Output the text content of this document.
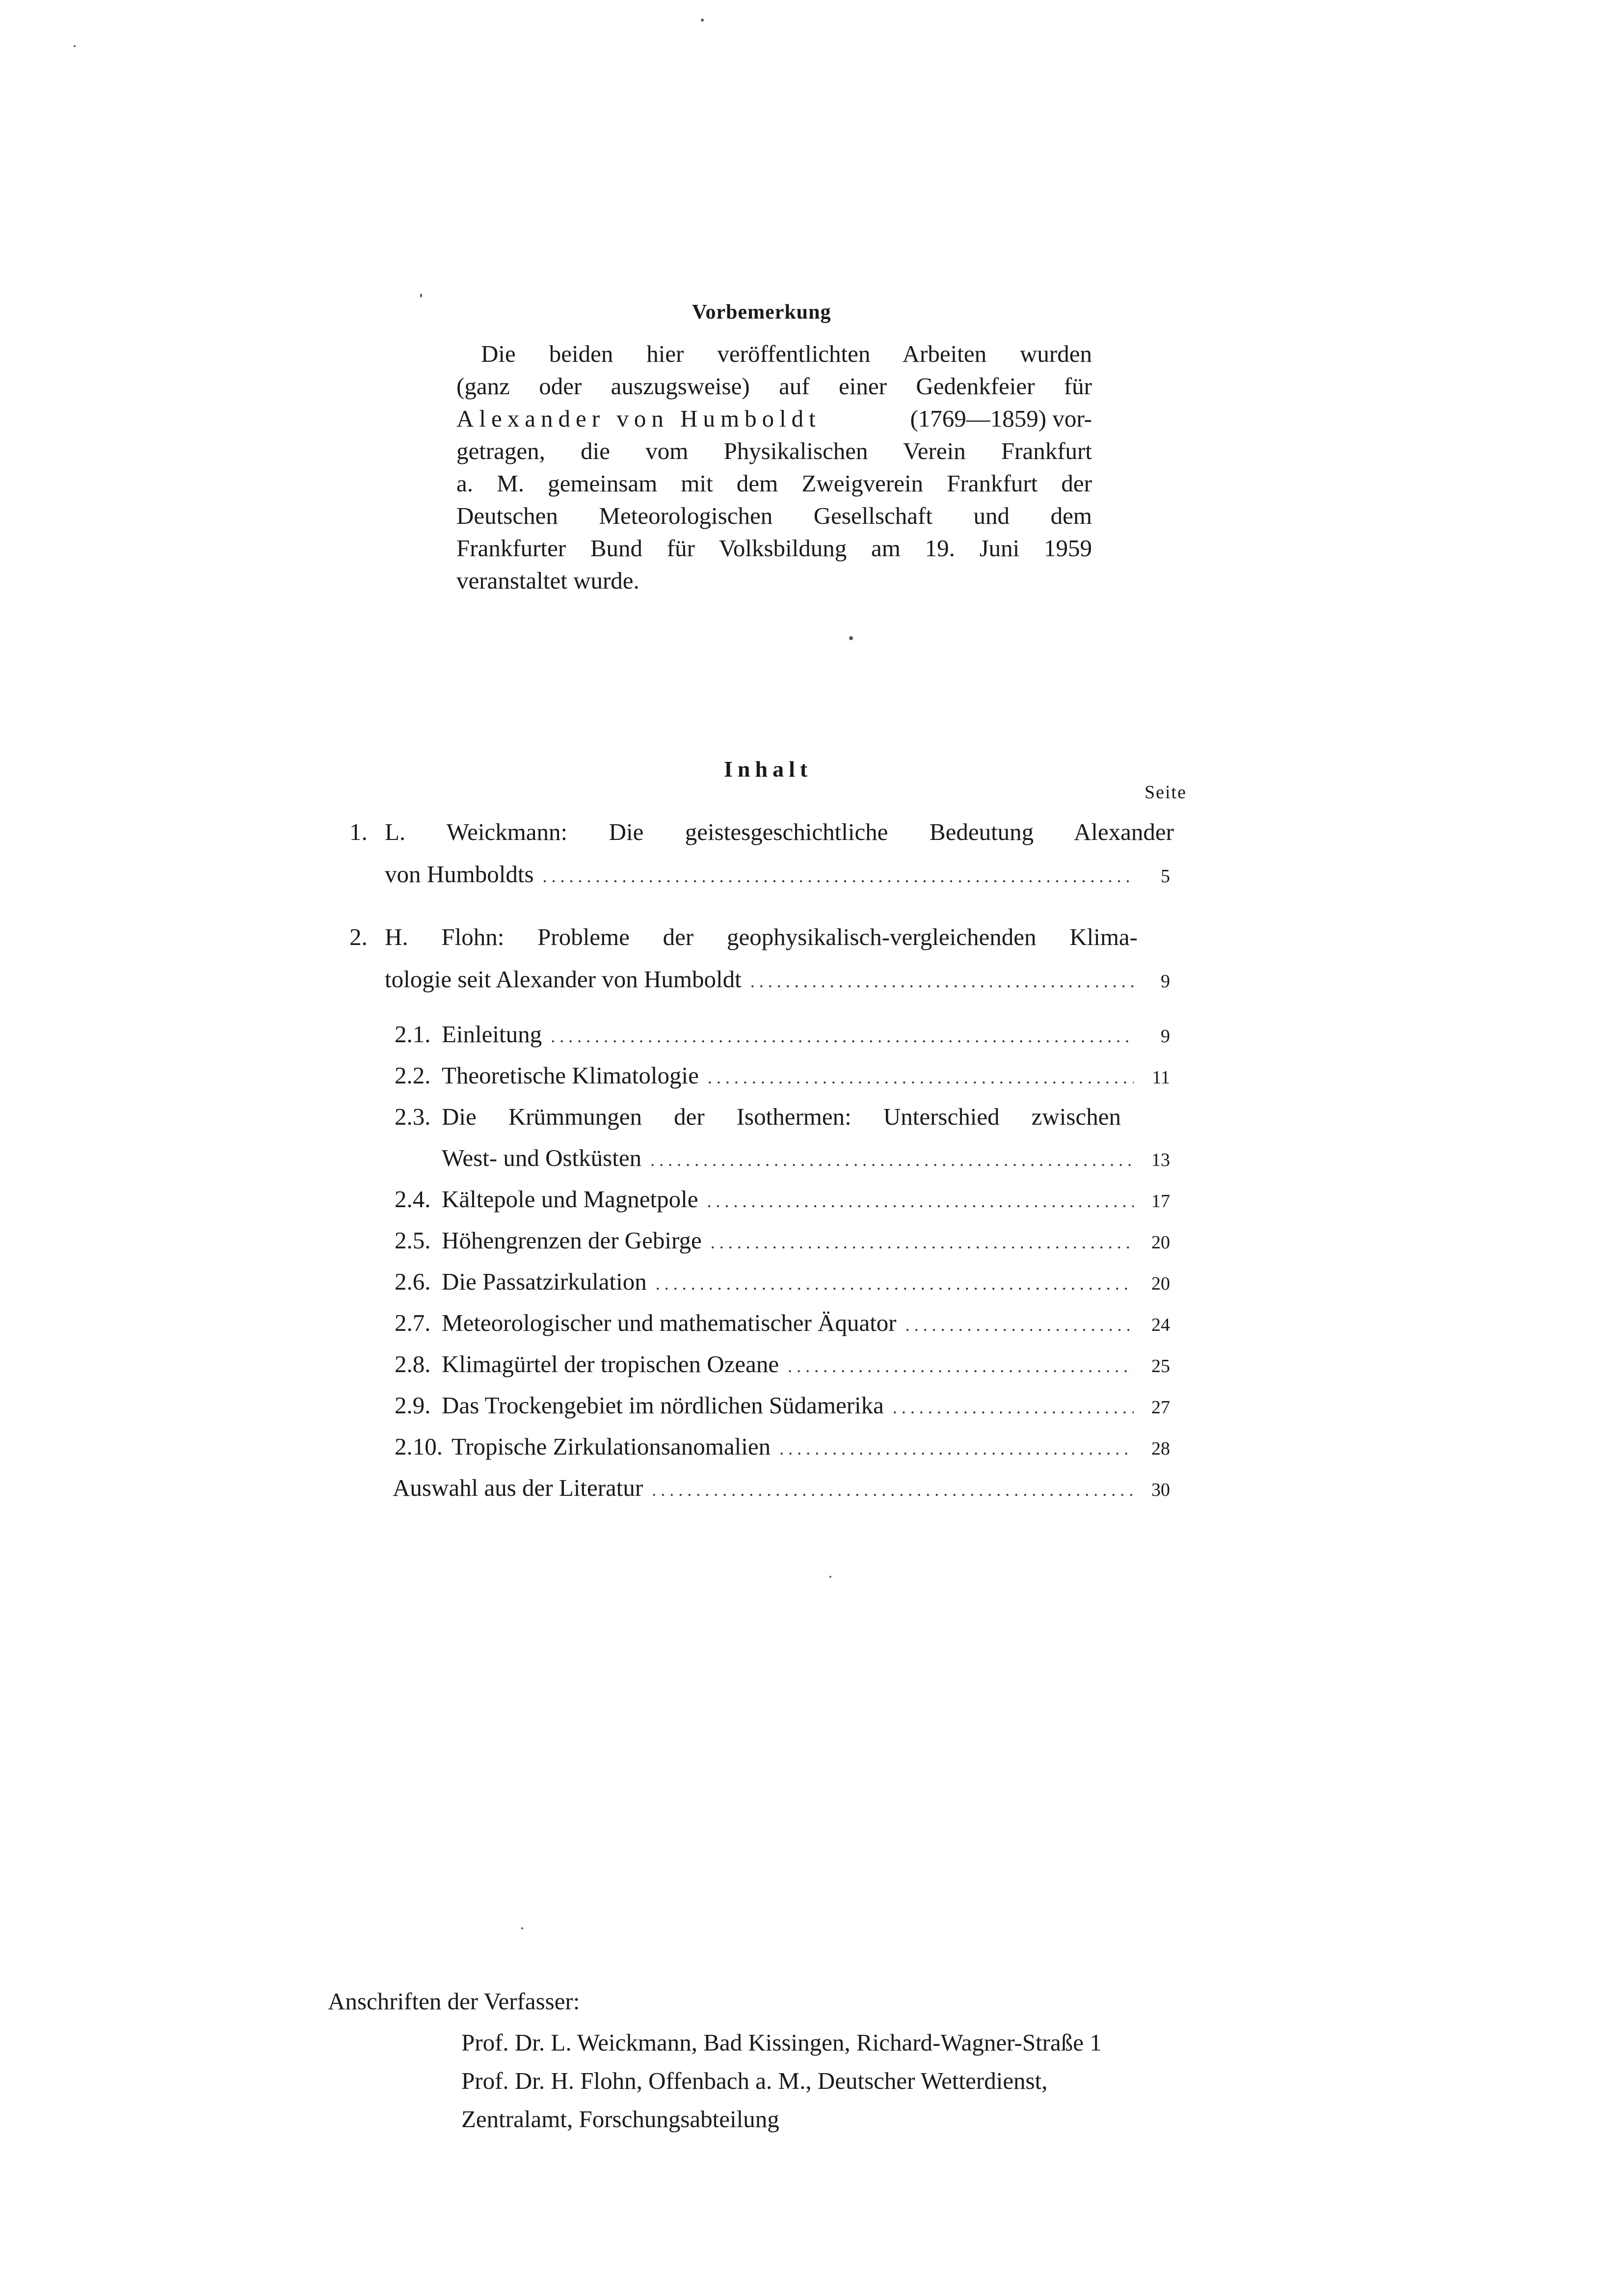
Vorbemerkung
Die beiden hier veröffentlichten Arbeiten wurden
(ganz oder auszugsweise) auf einer Gedenkfeier für
Alexander von Humboldt	(1769—1859) vor-
getragen, die vom Physikalischen Verein Frankfurt
a. M. gemeinsam mit dem Zweigverein Frankfurt der
Deutschen Meteorologischen Gesellschaft und dem
Frankfurter Bund für Volksbildung am 19. Juni 1959
veranstaltet wurde.
Inhalt
Seite
1. L. Weickmann: Die geistesgeschichtliche Bedeutung Alexander
von Humboldts .....	5
2. H. Flohn: Probleme der geophysikalisch-vergleichenden Klima-
tologie seit Alexander von Humboldt .....	9
2.1. Einleitung .....	9
2.2. Theoretische Klimatologie .....	11
2.3. Die Krümmungen der Isothermen: Unterschied zwischen
West- und Ostküsten .....	13
2.4. Kältepole und Magnetpole .....	17
2.5. Höhengrenzen der Gebirge .....	20
2.6. Die Passatzirkulation .....	20
2.7. Meteorologischer und mathematischer Äquator .....	24
2.8. Klimagürtel der tropischen Ozeane .....	25
2.9. Das Trockengebiet im nördlichen Südamerika .....	27
2.10. Tropische Zirkulationsanomalien .....	28
Auswahl aus der Literatur .....	30
Anschriften der Verfasser:
Prof. Dr. L. Weickmann, Bad Kissingen, Richard-Wagner-Straße 1
Prof. Dr. H. Flohn, Offenbach a. M., Deutscher Wetterdienst,
Zentralamt, Forschungsabteilung
